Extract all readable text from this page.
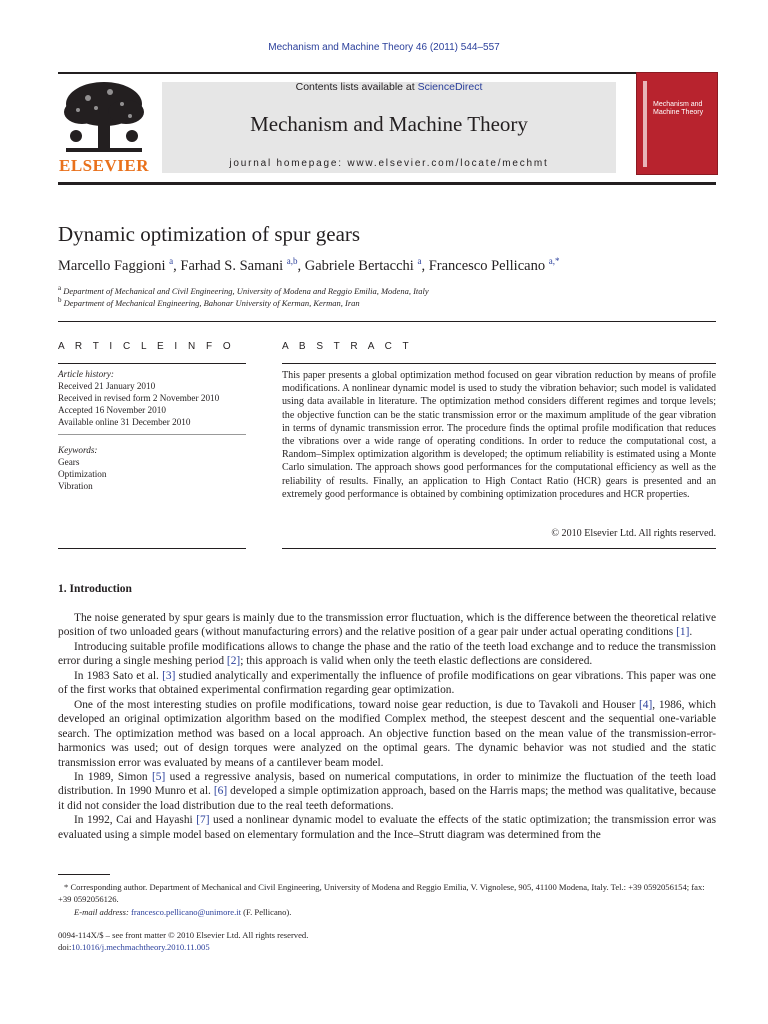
Mechanism and Machine Theory 46 (2011) 544–557
ELSEVIER
Contents lists available at ScienceDirect
Mechanism and Machine Theory
journal homepage: www.elsevier.com/locate/mechmt
Mechanism and Machine Theory
Dynamic optimization of spur gears
Marcello Faggioni $^a$, Farhad S. Samani $^{a,b}$, Gabriele Bertacchi $^a$, Francesco Pellicano $^{a,*}$
$^a$ Department of Mechanical and Civil Engineering, University of Modena and Reggio Emilia, Modena, Italy
$^b$ Department of Mechanical Engineering, Bahonar University of Kerman, Kerman, Iran
A R T I C L E I N F O
Article history:
Received 21 January 2010
Received in revised form 2 November 2010
Accepted 16 November 2010
Available online 31 December 2010
Keywords:
Gears
Optimization
Vibration
A B S T R A C T
This paper presents a global optimization method focused on gear vibration reduction by means of profile modifications. A nonlinear dynamic model is used to study the vibration behavior; such model is validated using data available in literature. The optimization method considers different regimes and torque levels; the objective function can be the static transmission error or the maximum amplitude of the gear vibration in terms of dynamic transmission error. The procedure finds the optimal profile modification that reduces the vibrations over a wide range of operating conditions. In order to reduce the computational cost, a Random–Simplex optimization algorithm is developed; the optimum reliability is estimated using a Monte Carlo simulation. The approach shows good performances for the computational efficiency as well as the reliability of results. Finally, an application to High Contact Ratio (HCR) gears is presented and an extremely good performance is obtained by combining optimization procedures and HCR properties.
© 2010 Elsevier Ltd. All rights reserved.
1. Introduction

The noise generated by spur gears is mainly due to the transmission error fluctuation, which is the difference between the theoretical relative position of two unloaded gears (without manufacturing errors) and the relative position of a gear pair under actual operating conditions [1].

Introducing suitable profile modifications allows to change the phase and the ratio of the teeth load exchange and to reduce the transmission error during a single meshing period [2]; this approach is valid when only the teeth elastic deflections are considered.

In 1983 Sato et al. [3] studied analytically and experimentally the influence of profile modifications on gear vibrations. This paper was one of the first works that obtained experimental confirmation regarding gear optimization.

One of the most interesting studies on profile modifications, toward noise gear reduction, is due to Tavakoli and Houser [4], 1986, which developed an original optimization algorithm based on the modified Complex method, the steepest descent and the sequential one-variable search. The optimization method was based on a local approach. An objective function based on the mean value of the transmission-error-harmonics was used; out of design torques were analyzed on the optimal gears. The dynamic behavior was not studied and the static transmission error was evaluated by means of a cantilever beam model.

In 1989, Simon [5] used a regressive analysis, based on numerical computations, in order to minimize the fluctuation of the teeth load distribution. In 1990 Munro et al. [6] developed a simple optimization approach, based on the Harris maps; the method was qualitative, because it did not consider the load distribution due to the real teeth deformations.

In 1992, Cai and Hayashi [7] used a nonlinear dynamic model to evaluate the effects of the static optimization; the transmission error was evaluated using a simple model based on elementary formulation and the Ince–Strutt diagram was determined from the

* Corresponding author. Department of Mechanical and Civil Engineering, University of Modena and Reggio Emilia, V. Vignolese, 905, 41100 Modena, Italy. Tel.: +39 0592056154; fax: +39 0592056126.
E-mail address: francesco.pellicano@unimore.it (F. Pellicano).
0094-114X/$ – see front matter © 2010 Elsevier Ltd. All rights reserved.
doi:10.1016/j.mechmachtheory.2010.11.005
